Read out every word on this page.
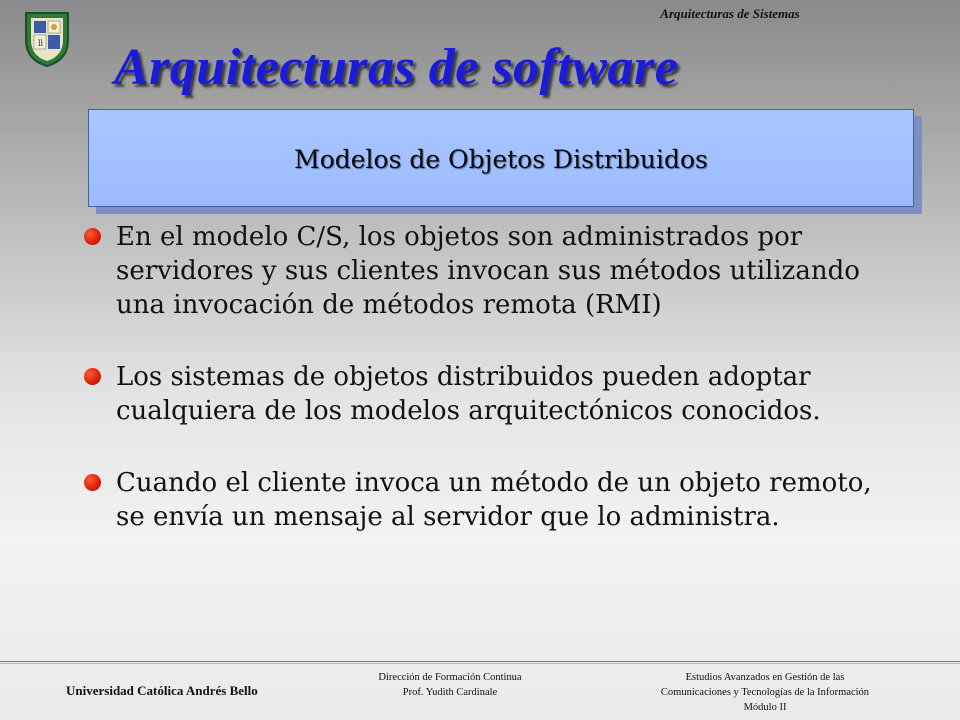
ll
Arquitecturas de Sistemas
Arquitecturas de software
Modelos de Objetos Distribuidos
En el modelo C/S, los objetos son administrados por servidores y sus clientes invocan sus métodos utilizando una invocación de métodos remota (RMI)
Los sistemas de objetos distribuidos pueden adoptar cualquiera de los modelos arquitectónicos conocidos.
Cuando el cliente invoca un método de un objeto remoto, se envía un mensaje al servidor que lo administra.
Universidad Católica Andrés Bello
Dirección de Formación Continua
Prof. Yudith Cardinale
Estudios Avanzados en Gestión de las
Comunicaciones y Tecnologías de la Información
Módulo II
